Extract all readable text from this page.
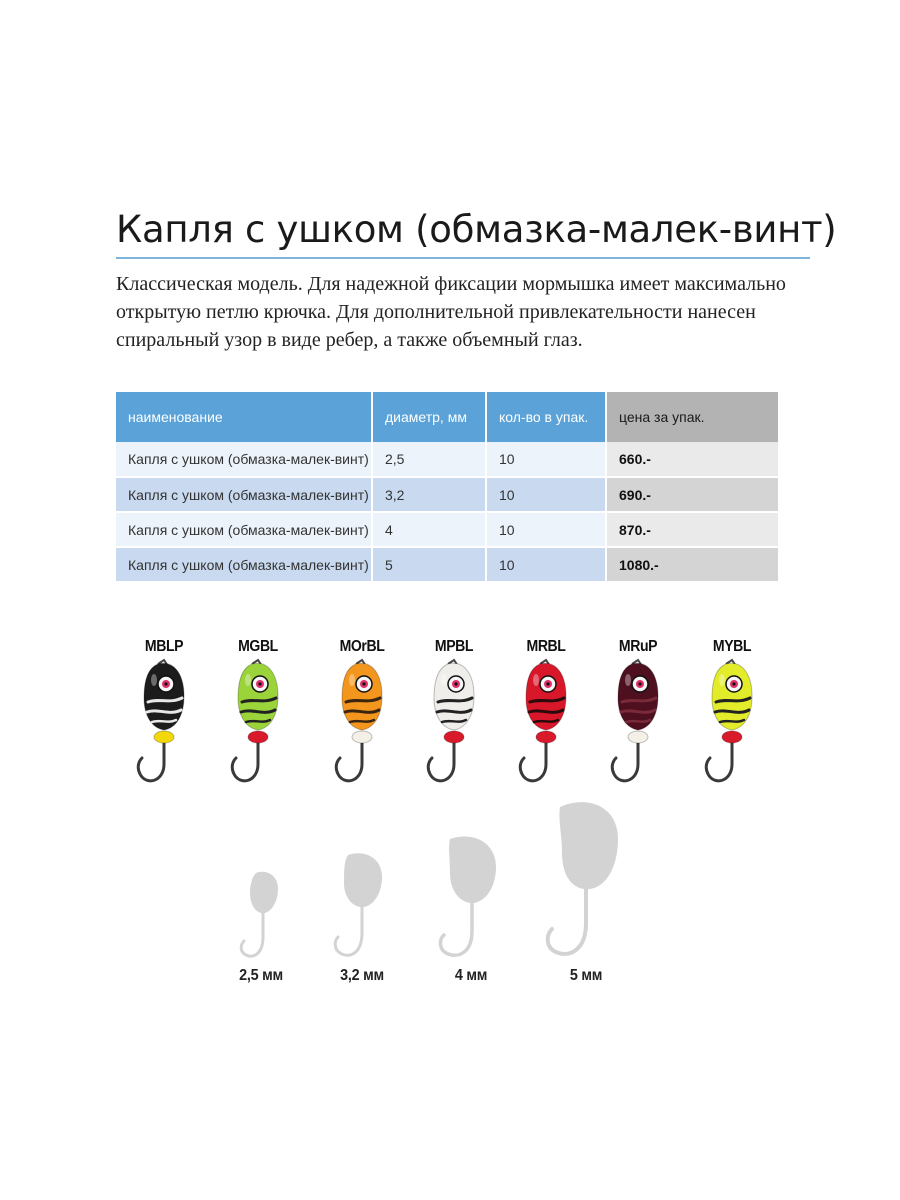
Капля с ушком (обмазка-малек-винт)

Классическая модель. Для надежной фиксации мормышка имеет максимально открытую петлю крючка. Для дополнительной привлекательности нанесен спиральный узор в виде ребер, а также объемный глаз.

наименование	диаметр, мм	кол-во в упак.	цена за упак.
Капля с ушком (обмазка-малек-винт)	2,5	10	660.-
Капля с ушком (обмазка-малек-винт)	3,2	10	690.-
Капля с ушком (обмазка-малек-винт)	4	10	870.-
Капля с ушком (обмазка-малек-винт)	5	10	1080.-
MBLP	MGBL	MOrBL	MPBL	MRBL	MRuP	MYBL
2,5 мм	3,2 мм	4 мм	5 мм
